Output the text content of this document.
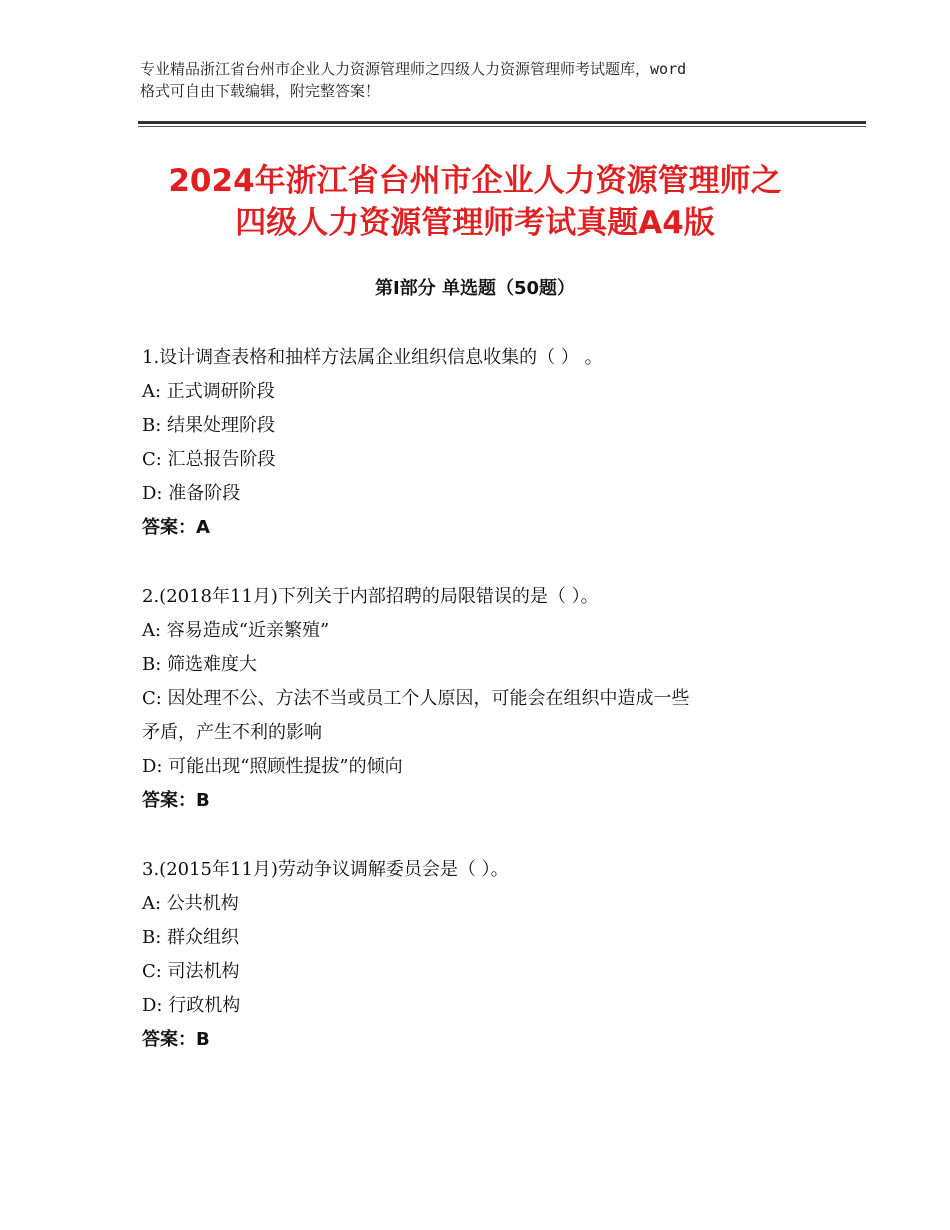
专业精品浙江省台州市企业人力资源管理师之四级人力资源管理师考试题库，word
格式可自由下载编辑，附完整答案！
2024年浙江省台州市企业人力资源管理师之
四级人力资源管理师考试真题A4版
第Ⅰ部分 单选题（50题）
1.设计调查表格和抽样方法属企业组织信息收集的（ ） 。
A: 正式调研阶段
B: 结果处理阶段
C: 汇总报告阶段
D: 准备阶段
答案：A
2.(2018年11月)下列关于内部招聘的局限错误的是（ ）。
A: 容易造成“近亲繁殖”
B: 筛选难度大
C: 因处理不公、方法不当或员工个人原因，可能会在组织中造成一些
矛盾，产生不利的影响
D: 可能出现“照顾性提拔”的倾向
答案：B
3.(2015年11月)劳动争议调解委员会是（ ）。
A: 公共机构
B: 群众组织
C: 司法机构
D: 行政机构
答案：B
